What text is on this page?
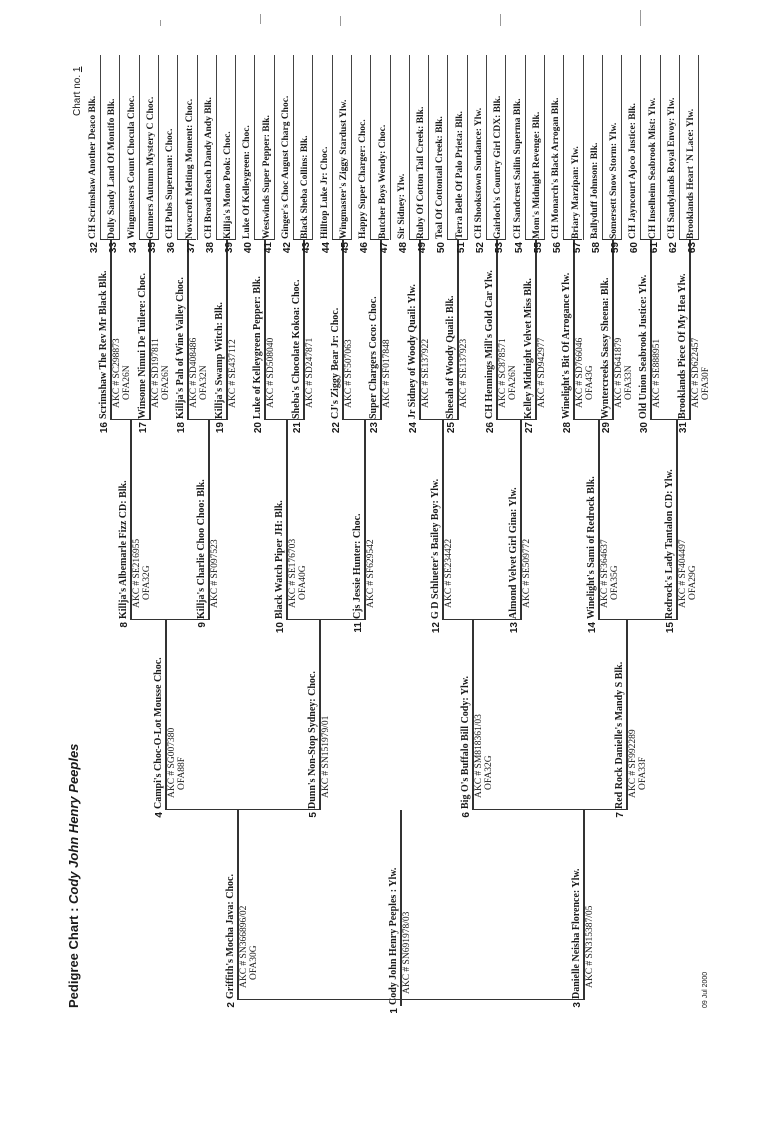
Pedigree Chart : Cody John Henry Peeples
Chart no. 1
09 Jul 2000
1
Cody John Henry Peeples : Ylw. AKC # SN691978/03
2
Griffith's Mocha Java: Choc. AKC # SN366896/02 OFA30G
3
Danielle Neisha Florence: Ylw. AKC # SN315387/05
4
Campi's Choc-O-Lot Mousse Choc. AKC # SG007380 OFA88F
5
Dunn's Non-Stop Sydney: Choc. AKC # SN151979/01
6
Big O's Buffalo Bill Cody: Ylw. AKC # SM818361/03 OFA32G
7
Red Rock Danielle's Mandy S Blk. AKC # SF992289 OFA33F
8
Killja's Albemarle Fizz CD: Blk. AKC # SE216955 OFA32G
9
Killja's Charlie Choo Choo: Blk. AKC # SF097523
10
Black Watch Piper JH: Blk. AKC # SE176703 OFA40G
11
Cjs Jessie Hunter: Choc. AKC # SF629542
12
G D Schlueter's Bailey Boy: Ylw. AKC # SE234422
13
Almond Velvet Girl Gina: Ylw. AKC # SE509772
14
Winelight's Sami of Redrock Blk. AKC # SF364637 OFA35G
15
Redrock's Lady Tantalon CD: Ylw. AKC # SF404497 OFA29G
16
Scrimshaw The Rev Mr Black Blk. AKC # SC298873 OFA26N
17
Winsome Nimui De Tuilere: Choc. AKC # SD197811 OFA26N
18
Killja's Pah of Wine Valley Choc. AKC # SD408486 OFA32N
19
Killja's Swamp Witch: Blk. AKC # SE437112
20
Luke of Kelleygreen Pepper: Blk. AKC # SD508040
21
Sheba's Chocolate Kokoa: Choc. AKC # SD247871
22
CJ's Ziggy Bear Jr: Choc. AKC # SF507063
23
Super Chargers Coco: Choc. AKC # SF017848
24
Jr Sidney of Woody Quail: Ylw. AKC # SE137922
25
Sheeah of Woody Quail: Blk. AKC # SE137923
26
CH Hennings Mill's Gold Car Ylw. AKC # SC878571 OFA26N
27
Kelley Midnight Velvet Miss Blk. AKC # SD942977
28
Winelight's Bit Of Arrogance Ylw. AKC # SD766046 OFA43G
29
Wyntercreeks Sassy Sheena: Blk. AKC # SD641879 OFA33N
30
Old Union Seabrook Justice: Ylw. AKC # SE888951
31
Brooklands Piece Of My Hea Ylw. AKC # SD622457 OFA30F
32
CH Scrimshaw Another Deaco Blk.
33
Dolly Sandy Land Of Montifo Blk.
34
Wingmasters Count Chocula Choc.
35
Gunners Autumn Mystery C Choc.
36
CH Pubs Superman: Choc.
37
Novacroft Melting Moment: Choc.
38
CH Broad Reach Dandy Andy Blk.
39
Killja's Mono Pook: Choc.
40
Luke Of Kelleygreen: Choc.
41
Westwinds Super Pepper: Blk.
42
Ginger's Choc August Charg Choc.
43
Black Sheba Collins: Blk.
44
Hilltop Luke Jr: Choc.
45
Wingmaster's Ziggy Stardust Ylw.
46
Happy Super Charger: Choc.
47
Butcher Boys Wendy: Choc.
48
Sir Sidney: Ylw.
49
Ruby Of Cotton Tail Creek: Blk.
50
Teal Of Cottontail Creek: Blk.
51
Terra Belle Of Palo Prieta: Blk.
52
CH Shookstown Sundance: Ylw.
53
Gairloch's Country Girl CDX: Blk.
54
CH Sandcrest Sailin Superma Blk.
55
Mom's Midnight Revenge: Blk.
56
CH Monarch's Black Arrogan Blk.
57
Briary Marzipan: Ylw.
58
Ballyduff Johnson: Blk.
59
Somersett Snow Storm: Ylw.
60
CH Jayncourt Ajoco Justice: Blk.
61
CH Inselheim Seabrook Mist: Ylw.
62
CH Sandylands Royal Envoy: Ylw.
63
Brooklands Heart 'N Lace: Ylw.
